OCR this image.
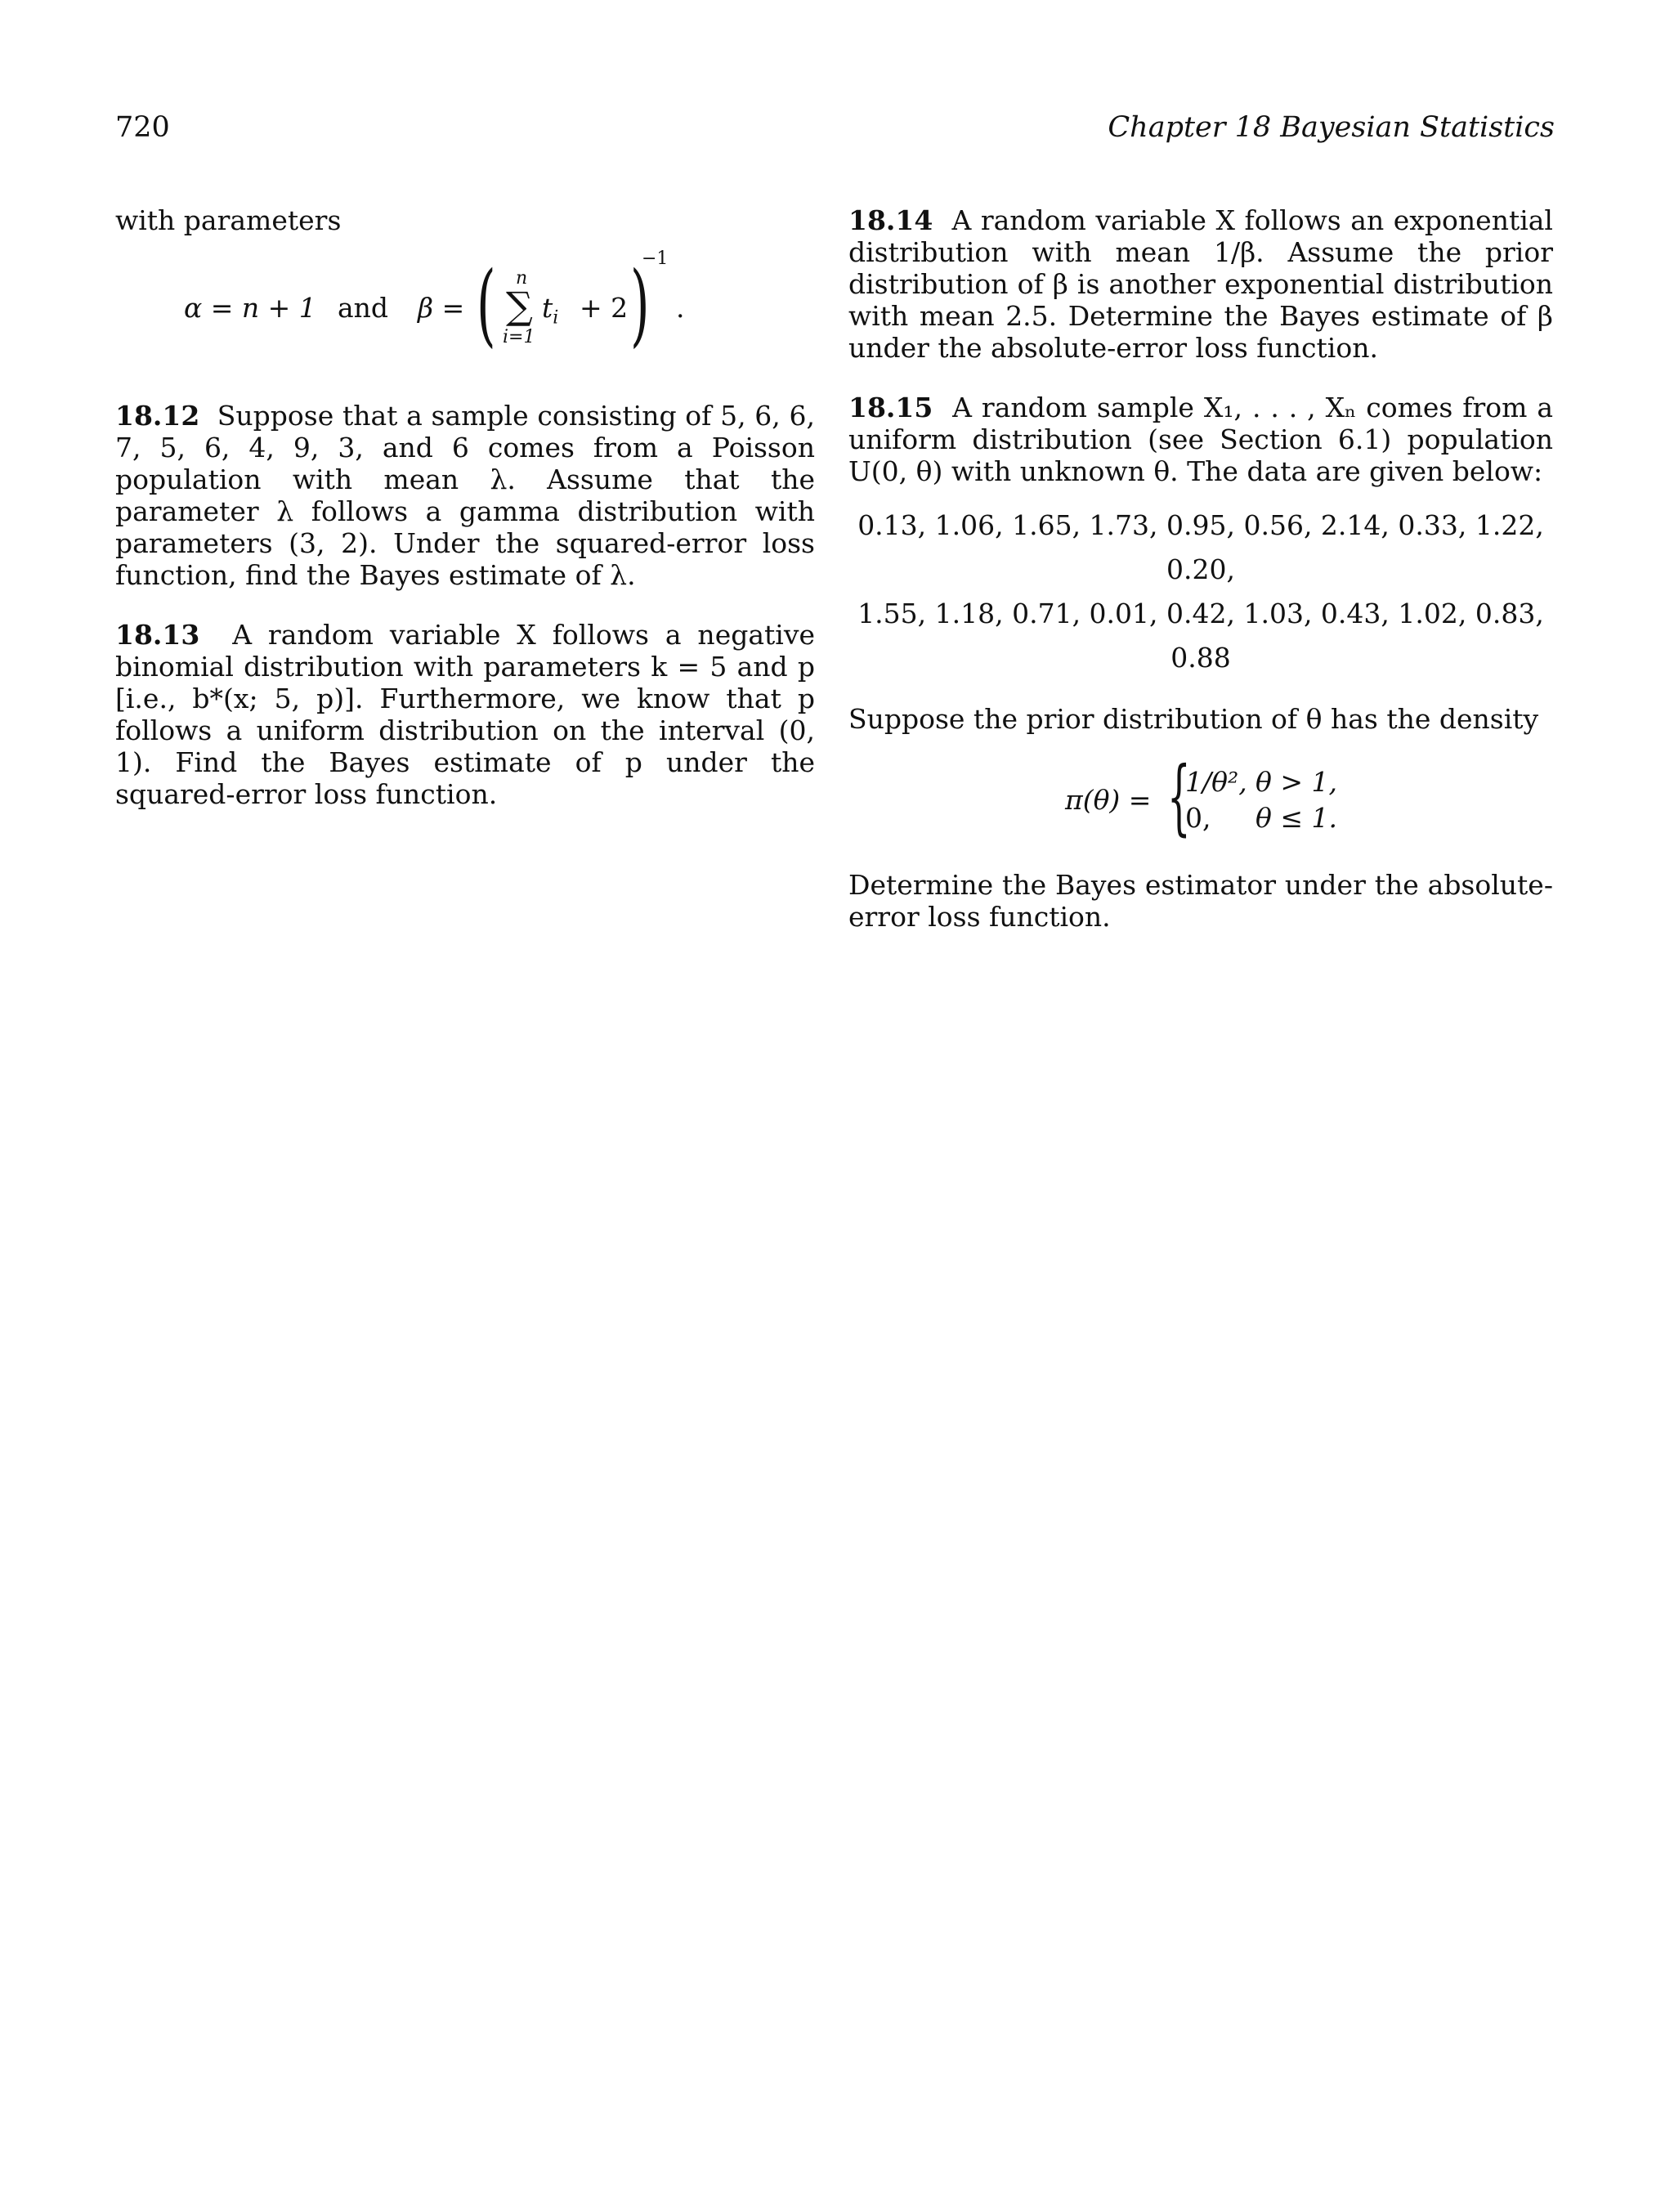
720	Chapter 18 Bayesian Statistics

with parameters

α = n + 1 and β = ( n
∑
i=1
$t_i + 2$ )
−1
.

18.12 Suppose that a sample consisting of 5, 6, 6, 7, 5, 6, 4, 9, 3, and 6 comes from a Poisson population with mean λ. Assume that the parameter λ follows a gamma distribution with parameters (3, 2). Under the squared-error loss function, find the Bayes estimate of λ.

18.13 A random variable X follows a negative binomial distribution with parameters k = 5 and p [i.e., b*(x; 5, p)]. Furthermore, we know that p follows a uniform distribution on the interval (0, 1). Find the Bayes estimate of p under the squared-error loss function.

18.14 A random variable X follows an exponential distribution with mean 1/β. Assume the prior distribution of β is another exponential distribution with mean 2.5. Determine the Bayes estimate of β under the absolute-error loss function.

18.15 A random sample X₁, . . . , Xₙ comes from a uniform distribution (see Section 6.1) population U(0, θ) with unknown θ. The data are given below:

0.13, 1.06, 1.65, 1.73, 0.95, 0.56, 2.14, 0.33, 1.22, 0.20,
1.55, 1.18, 0.71, 0.01, 0.42, 1.03, 0.43, 1.02, 0.83, 0.88

Suppose the prior distribution of θ has the density

π(θ) = {
1/θ², θ > 1,
0, θ ≤ 1.

Determine the Bayes estimator under the absolute-error loss function.
